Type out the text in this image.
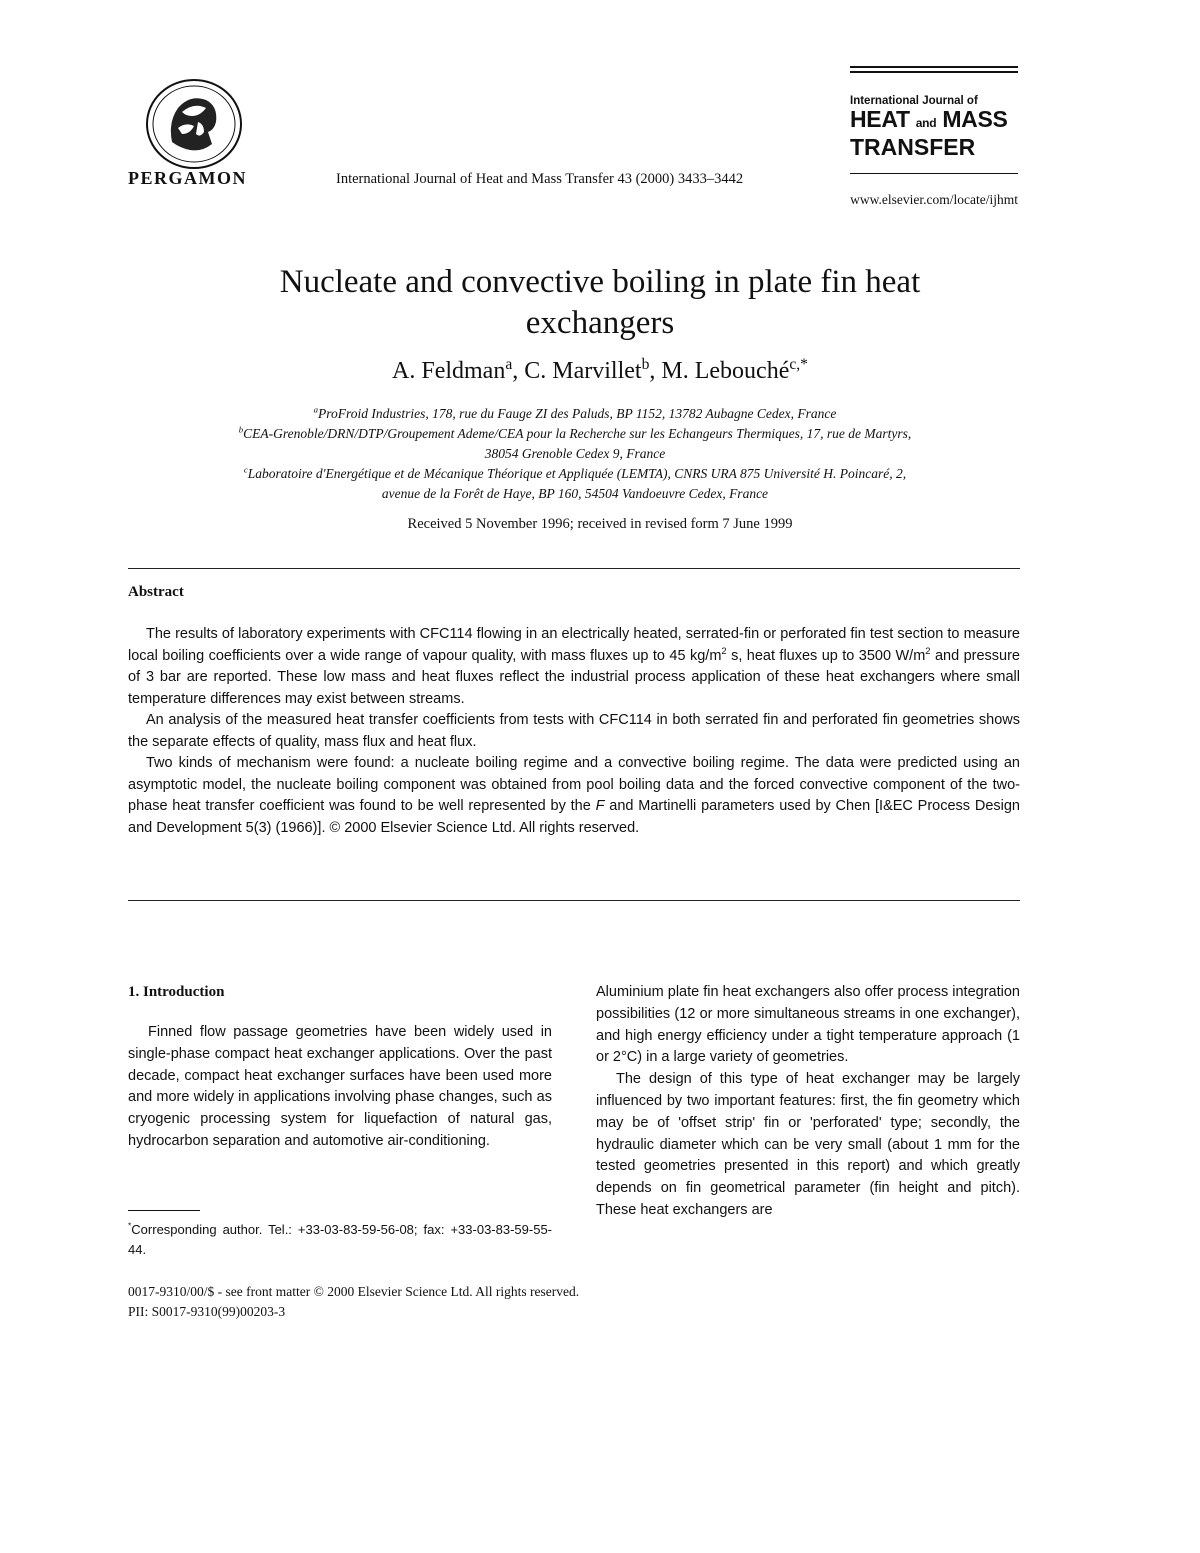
PERGAMON	International Journal of Heat and Mass Transfer 43 (2000) 3433–3442
International Journal of
HEAT and MASS
TRANSFER
www.elsevier.com/locate/ijhmt
Nucleate and convective boiling in plate fin heat
exchangers
A. Feldman$^a$, C. Marvillet$^b$, M. Lebouché$^{c,*}$
$^a$ProFroid Industries, 178, rue du Fauge ZI des Paluds, BP 1152, 13782 Aubagne Cedex, France
$^b$CEA-Grenoble/DRN/DTP/Groupement Ademe/CEA pour la Recherche sur les Echangeurs Thermiques, 17, rue de Martyrs,
38054 Grenoble Cedex 9, France
$^c$Laboratoire d'Energétique et de Mécanique Théorique et Appliquée (LEMTA), CNRS URA 875 Université H. Poincaré, 2,
avenue de la Forêt de Haye, BP 160, 54504 Vandoeuvre Cedex, France
Received 5 November 1996; received in revised form 7 June 1999
Abstract

The results of laboratory experiments with CFC114 flowing in an electrically heated, serrated-fin or perforated fin test section to measure local boiling coefficients over a wide range of vapour quality, with mass fluxes up to 45 $kg/m^2$ s, heat fluxes up to 3500 $W/m^2$ and pressure of 3 bar are reported. These low mass and heat fluxes reflect the industrial process application of these heat exchangers where small temperature differences may exist between streams.

An analysis of the measured heat transfer coefficients from tests with CFC114 in both serrated fin and perforated fin geometries shows the separate effects of quality, mass flux and heat flux.

Two kinds of mechanism were found: a nucleate boiling regime and a convective boiling regime. The data were predicted using an asymptotic model, the nucleate boiling component was obtained from pool boiling data and the forced convective component of the two-phase heat transfer coefficient was found to be well represented by the F and Martinelli parameters used by Chen [I&EC Process Design and Development 5(3) (1966)]. © 2000 Elsevier Science Ltd. All rights reserved.

1. Introduction

Finned flow passage geometries have been widely used in single-phase compact heat exchanger applications. Over the past decade, compact heat exchanger surfaces have been used more and more widely in applications involving phase changes, such as cryogenic processing system for liquefaction of natural gas, hydrocarbon separation and automotive air-conditioning.

*Corresponding author. Tel.: +33-03-83-59-56-08; fax: +33-03-83-59-55-44.

Aluminium plate fin heat exchangers also offer process integration possibilities (12 or more simultaneous streams in one exchanger), and high energy efficiency under a tight temperature approach (1 or 2°C) in a large variety of geometries.

The design of this type of heat exchanger may be largely influenced by two important features: first, the fin geometry which may be of 'offset strip' fin or 'perforated' type; secondly, the hydraulic diameter which can be very small (about 1 mm for the tested geometries presented in this report) and which greatly depends on fin geometrical parameter (fin height and pitch). These heat exchangers are

0017-9310/00/$ - see front matter © 2000 Elsevier Science Ltd. All rights reserved.
PII: S0017-9310(99)00203-3
